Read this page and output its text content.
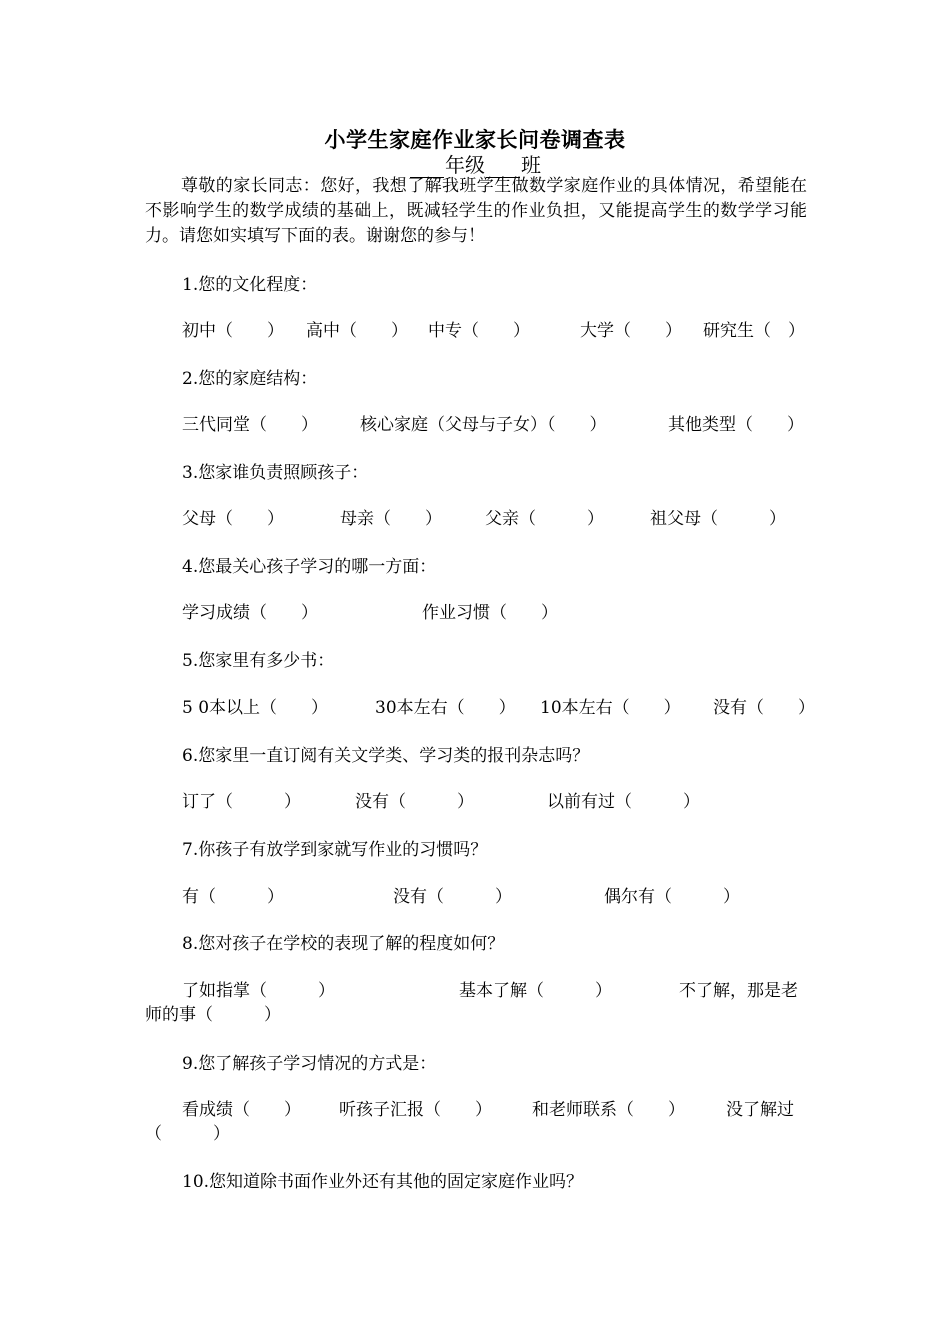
小学生家庭作业家长问卷调查表
年级 班
尊敬的家长同志：您好，我想了解我班学生做数学家庭作业的具体情况，希望能在不影响学生的数学成绩的基础上，既减轻学生的作业负担，又能提高学生的数学学习能力。请您如实填写下面的表。谢谢您的参与！
1.您的文化程度：
初中（　　） 高中（　　） 中专（　　）	大学（　　） 研究生（　）
2.您的家庭结构：
三代同堂（　　） 核心家庭（父母与子女）（　　）	其他类型（　　）
3.您家谁负责照顾孩子：
父母（　　）	母亲（　　）	父亲（　　　）	祖父母（　　　）
4.您最关心孩子学习的哪一方面：
学习成绩（　　）	作业习惯（　　）
5.您家里有多少书：
5 0本以上（　　）	30本左右（　　） 10本左右（　　） 没有（　　）
6.您家里一直订阅有关文学类、学习类的报刊杂志吗？
订了（　　　）	没有（　　　）	以前有过（　　　）
7.你孩子有放学到家就写作业的习惯吗？
有（　　　）	没有（　　　）	偶尔有（　　　）
8.您对孩子在学校的表现了解的程度如何？
了如指掌（　　　）	基本了解（　　　）	不了解，那是老
师的事（　　　）
9.您了解孩子学习情况的方式是：
看成绩（　　） 听孩子汇报（　　） 和老师联系（　　） 没了解过
（　　　）
10.您知道除书面作业外还有其他的固定家庭作业吗？
